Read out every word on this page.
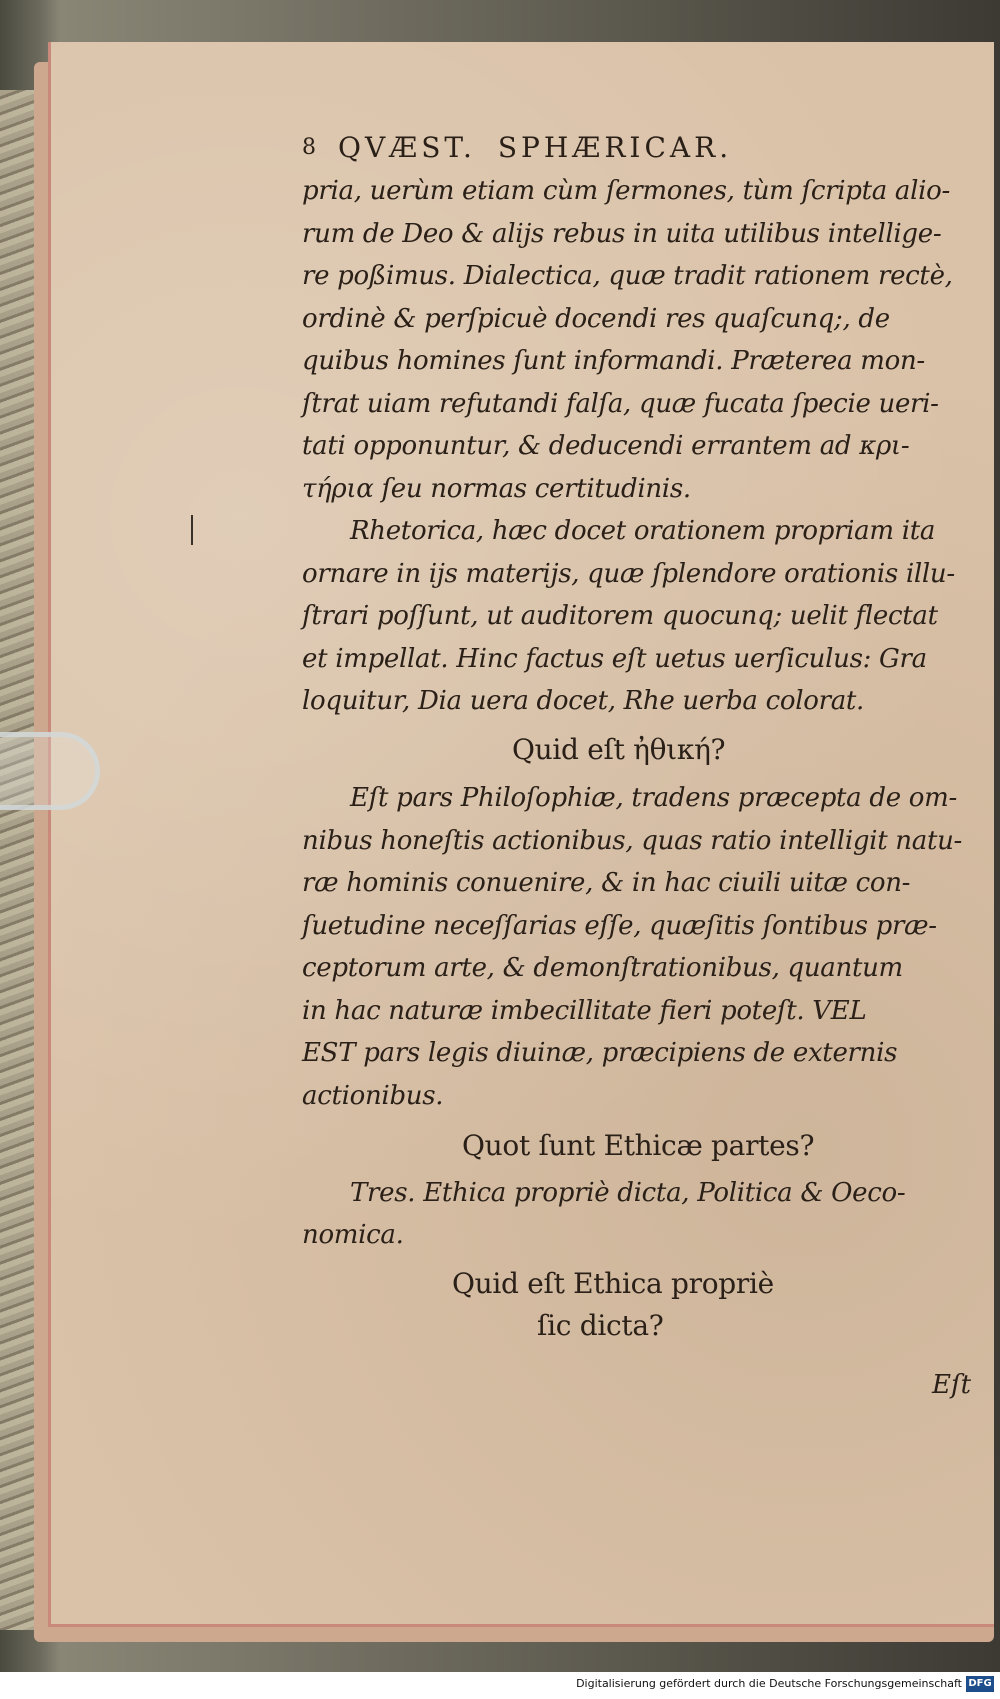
8 QVÆST. SPHÆRICAR.
pria, uerùm etiam cùm ſermones, tùm ſcripta alio-
rum de Deo & alijs rebus in uita utilibus intellige-
re poßimus. Dialectica, quæ tradit rationem rectè,
ordinè & perſpicuè docendi res quaſcunq;, de
quibus homines ſunt informandi. Præterea mon-
ſtrat uiam refutandi falſa, quæ fucata ſpecie ueri-
tati opponuntur, & deducendi errantem ad κρι-
τήρια ſeu normas certitudinis.
Rhetorica, hæc docet orationem propriam ita
ornare in ijs materijs, quæ ſplendore orationis illu-
ſtrari poſſunt, ut auditorem quocunq; uelit flectat
et impellat. Hinc factus eſt uetus uerſiculus: Gra
loquitur, Dia uera docet, Rhe uerba colorat.
Quid eſt ἠθική?
Eſt pars Philoſophiæ, tradens præcepta de om-
nibus honeſtis actionibus, quas ratio intelligit natu-
ræ hominis conuenire, & in hac ciuili uitæ con-
ſuetudine neceſſarias eſſe, quæſitis ſontibus præ-
ceptorum arte, & demonſtrationibus, quantum
in hac naturæ imbecillitate fieri poteſt. VEL
EST pars legis diuinæ, præcipiens de externis
actionibus.
Quot ſunt Ethicæ partes?
Tres. Ethica propriè dicta, Politica & Oeco-
nomica.
Quid eſt Ethica propriè
ſic dicta?
Eſt
Digitalisierung gefördert durch die Deutsche Forschungsgemeinschaft DFG
